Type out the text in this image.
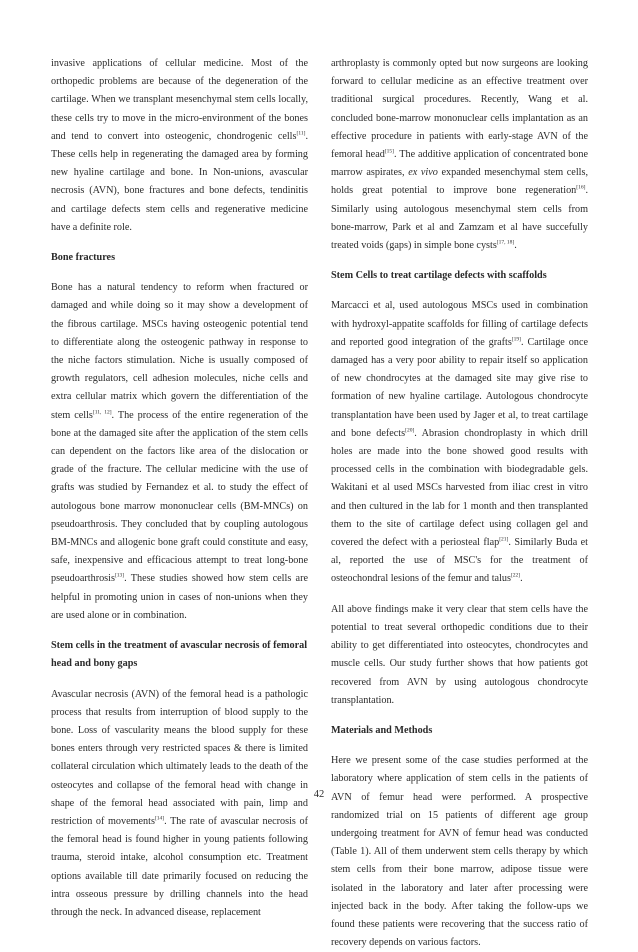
invasive applications of cellular medicine. Most of the orthopedic problems are because of the degeneration of the cartilage. When we transplant mesenchymal stem cells locally, these cells try to move in the micro-environment of the bones and tend to convert into osteogenic, chondrogenic cells[11]. These cells help in regenerating the damaged area by forming new hyaline cartilage and bone. In Non-unions, avascular necrosis (AVN), bone fractures and bone defects, tendinitis and cartilage defects stem cells and regenerative medicine have a definite role.

Bone fractures

Bone has a natural tendency to reform when fractured or damaged and while doing so it may show a development of the fibrous cartilage. MSCs having osteogenic potential tend to differentiate along the osteogenic pathway in response to the niche factors stimulation. Niche is usually composed of growth regulators, cell adhesion molecules, niche cells and extra cellular matrix which govern the differentiation of the stem cells[11, 12]. The process of the entire regeneration of the bone at the damaged site after the application of the stem cells can dependent on the factors like area of the dislocation or grade of the fracture. The cellular medicine with the use of grafts was studied by Fernandez et al. to study the effect of autologous bone marrow mononuclear cells (BM-MNCs) on pseudoarthrosis. They concluded that by coupling autologous BM-MNCs and allogenic bone graft could constitute and easy, safe, inexpensive and efficacious attempt to treat long-bone pseudoarthrosis[13]. These studies showed how stem cells are helpful in promoting union in cases of non-unions when they are used alone or in combination.

Stem cells in the treatment of avascular necrosis of femoral head and bony gaps

Avascular necrosis (AVN) of the femoral head is a pathologic process that results from interruption of blood supply to the bone. Loss of vascularity means the blood supply for these bones enters through very restricted spaces & there is limited collateral circulation which ultimately leads to the death of the osteocytes and collapse of the femoral head with change in shape of the femoral head associated with pain, limp and restriction of movements[14]. The rate of avascular necrosis of the femoral head is found higher in young patients following trauma, steroid intake, alcohol consumption etc. Treatment options available till date primarily focused on reducing the intra osseous pressure by drilling channels into the head through the neck. In advanced disease, replacement

arthroplasty is commonly opted but now surgeons are looking forward to cellular medicine as an effective treatment over traditional surgical procedures. Recently, Wang et al. concluded bone-marrow mononuclear cells implantation as an effective procedure in patients with early-stage AVN of the femoral head[15]. The additive application of concentrated bone marrow aspirates, ex vivo expanded mesenchymal stem cells, holds great potential to improve bone regeneration[16]. Similarly using autologous mesenchymal stem cells from bone-marrow, Park et al and Zamzam et al have succefully treated voids (gaps) in simple bone cysts[17, 18].

Stem Cells to treat cartilage defects with scaffolds

Marcacci et al, used autologous MSCs used in combination with hydroxyl-appatite scaffolds for filling of cartilage defects and reported good integration of the grafts[19]. Cartilage once damaged has a very poor ability to repair itself so application of new chondrocytes at the damaged site may give rise to formation of new hyaline cartilage. Autologous chondrocyte transplantation have been used by Jager et al, to treat cartilage and bone defects[20]. Abrasion chondroplasty in which drill holes are made into the bone showed good results with processed cells in the combination with biodegradable gels. Wakitani et al used MSCs harvested from iliac crest in vitro and then cultured in the lab for 1 month and then transplanted them to the site of cartilage defect using collagen gel and covered the defect with a periosteal flap[21]. Similarly Buda et al, reported the use of MSC's for the treatment of osteochondral lesions of the femur and talus[22].

All above findings make it very clear that stem cells have the potential to treat several orthopedic conditions due to their ability to get differentiated into osteocytes, chondrocytes and muscle cells. Our study further shows that how patients got recovered from AVN by using autologous chondrocyte transplantation.

Materials and Methods

Here we present some of the case studies performed at the laboratory where application of stem cells in the patients of AVN of femur head were performed. A prospective randomized trial on 15 patients of different age group undergoing treatment for AVN of femur head was conducted (Table 1). All of them underwent stem cells therapy by which stem cells from their bone marrow, adipose tissue were isolated in the laboratory and later after processing were injected back in the body. After taking the follow-ups we found these patients were recovering that the success ratio of recovery depends on various factors.

42
